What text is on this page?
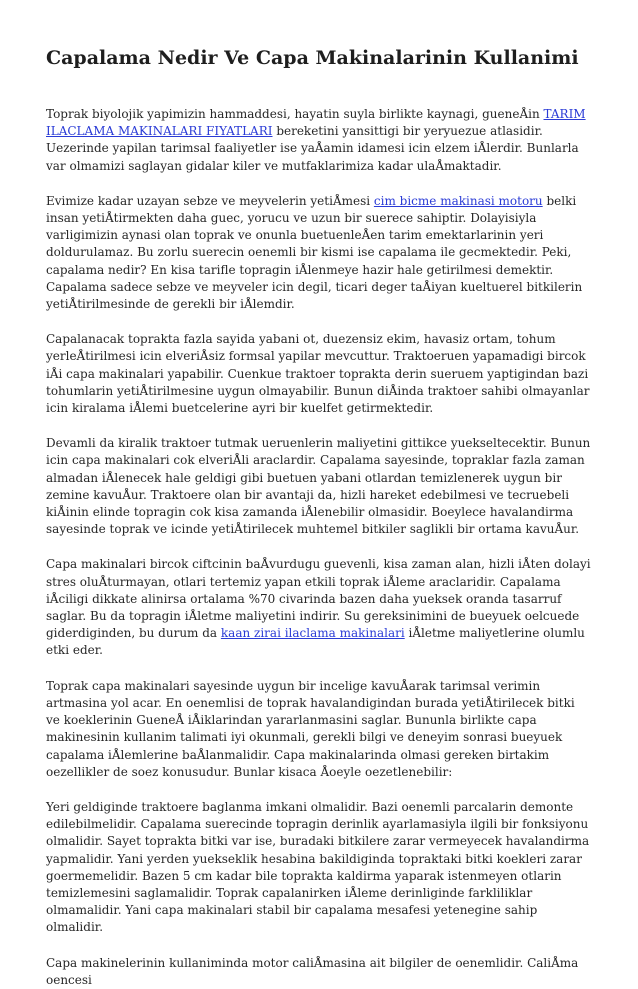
Capalama Nedir Ve Capa Makinalarinin Kullanimi

Toprak biyolojik yapimizin hammaddesi, hayatin suyla birlikte kaynagi, gueneÅin TARIM ILACLAMA MAKINALARI FIYATLARI bereketini yansittigi bir yeryuezue atlasidir. Uezerinde yapilan tarimsal faaliyetler ise yaÅamin idamesi icin elzem iÅlerdir. Bunlarla var olmamizi saglayan gidalar kiler ve mutfaklarimiza kadar ulaÅmaktadir.

Evimize kadar uzayan sebze ve meyvelerin yetiÅmesi cim bicme makinasi motoru belki insan yetiÅtirmekten daha guec, yorucu ve uzun bir suerece sahiptir. Dolayisiyla varligimizin aynasi olan toprak ve onunla buetuenleÅen tarim emektarlarinin yeri doldurulamaz. Bu zorlu suerecin oenemli bir kismi ise capalama ile gecmektedir. Peki, capalama nedir? En kisa tarifle topragin iÅlenmeye hazir hale getirilmesi demektir. Capalama sadece sebze ve meyveler icin degil, ticari deger taÅiyan kueltuerel bitkilerin yetiÅtirilmesinde de gerekli bir iÅlemdir.

Capalanacak toprakta fazla sayida yabani ot, duezensiz ekim, havasiz ortam, tohum yerleÅtirilmesi icin elveriÅsiz formsal yapilar mevcuttur. Traktoeruen yapamadigi bircok iÅi capa makinalari yapabilir. Cuenkue traktoer toprakta derin sueruem yaptigindan bazi tohumlarin yetiÅtirilmesine uygun olmayabilir. Bunun diÅinda traktoer sahibi olmayanlar icin kiralama iÅlemi buetcelerine ayri bir kuelfet getirmektedir.

Devamli da kiralik traktoer tutmak ueruenlerin maliyetini gittikce yuekseltecektir. Bunun icin capa makinalari cok elveriÅli araclardir. Capalama sayesinde, topraklar fazla zaman almadan iÅlenecek hale geldigi gibi buetuen yabani otlardan temizlenerek uygun bir zemine kavuÅur. Traktoere olan bir avantaji da, hizli hareket edebilmesi ve tecruebeli kiÅinin elinde topragin cok kisa zamanda iÅlenebilir olmasidir. Boeylece havalandirma sayesinde toprak ve icinde yetiÅtirilecek muhtemel bitkiler saglikli bir ortama kavuÅur.

Capa makinalari bircok ciftcinin baÅvurdugu guevenli, kisa zaman alan, hizli iÅten dolayi stres oluÅturmayan, otlari tertemiz yapan etkili toprak iÅleme araclaridir. Capalama iÅciligi dikkate alinirsa ortalama %70 civarinda bazen daha yueksek oranda tasarruf saglar. Bu da topragin iÅletme maliyetini indirir. Su gereksinimini de bueyuek oelcuede giderdiginden, bu durum da kaan zirai ilaclama makinalari iÅletme maliyetlerine olumlu etki eder.

Toprak capa makinalari sayesinde uygun bir incelige kavuÅarak tarimsal verimin artmasina yol acar. En oenemlisi de toprak havalandigindan burada yetiÅtirilecek bitki ve koeklerinin GueneÅ iÅiklarindan yararlanmasini saglar. Bununla birlikte capa makinesinin kullanim talimati iyi okunmali, gerekli bilgi ve deneyim sonrasi bueyuek capalama iÅlemlerine baÅlanmalidir. Capa makinalarinda olmasi gereken birtakim oezellikler de soez konusudur. Bunlar kisaca Åoeyle oezetlenebilir:

Yeri geldiginde traktoere baglanma imkani olmalidir. Bazi oenemli parcalarin demonte edilebilmelidir. Capalama suerecinde topragin derinlik ayarlamasiyla ilgili bir fonksiyonu olmalidir. Sayet toprakta bitki var ise, buradaki bitkilere zarar vermeyecek havalandirma yapmalidir. Yani yerden yuekseklik hesabina bakildiginda topraktaki bitki koekleri zarar goermemelidir. Bazen 5 cm kadar bile toprakta kaldirma yaparak istenmeyen otlarin temizlemesini saglamalidir. Toprak capalanirken iÅleme derinliginde farkliliklar olmamalidir. Yani capa makinalari stabil bir capalama mesafesi yetenegine sahip olmalidir.

Capa makinelerinin kullaniminda motor caliÅmasina ait bilgiler de oenemlidir. CaliÅma oencesi
